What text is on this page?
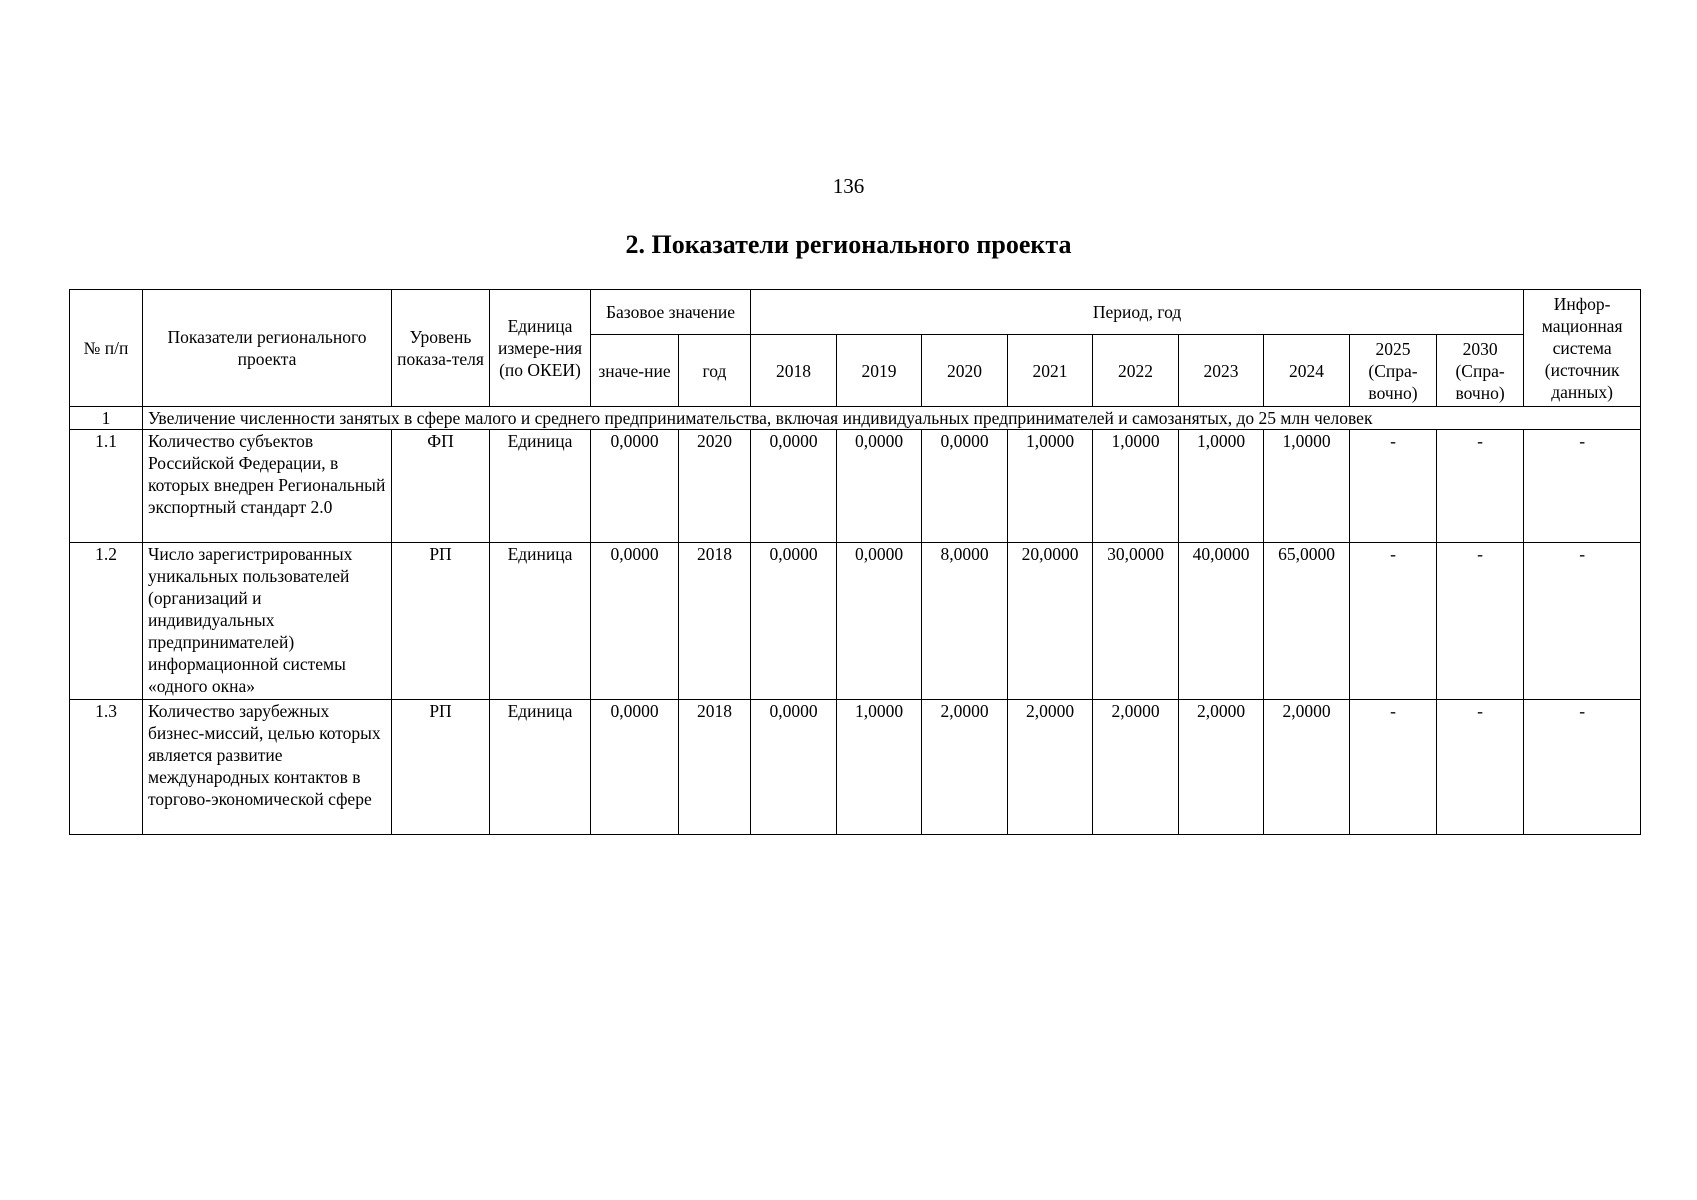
136
2. Показатели регионального проекта
№ п/п	Показатели регионального проекта	Уровень показа-теля	Единица измере-ния (по ОКЕИ)	Базовое значение		Период, год									Инфор-мационная система (источник данных)
				значе-ние	год	2018	2019	2020	2021	2022	2023	2024	2025 (Спра-вочно)	2030 (Спра-вочно)	
1	Увеличение численности занятых в сфере малого и среднего предпринимательства, включая индивидуальных предпринимателей и самозанятых, до 25 млн человек														
1.1	Количество субъектов Российской Федерации, в которых внедрен Региональный экспортный стандарт 2.0	ФП	Единица	0,0000	2020	0,0000	0,0000	0,0000	1,0000	1,0000	1,0000	1,0000	-	-	-
1.2	Число зарегистрированных уникальных пользователей (организаций и индивидуальных предпринимателей) информационной системы «одного окна»	РП	Единица	0,0000	2018	0,0000	0,0000	8,0000	20,0000	30,0000	40,0000	65,0000	-	-	-
1.3	Количество зарубежных бизнес-миссий, целью которых является развитие международных контактов в торгово-экономической сфере	РП	Единица	0,0000	2018	0,0000	1,0000	2,0000	2,0000	2,0000	2,0000	2,0000	-	-	-
